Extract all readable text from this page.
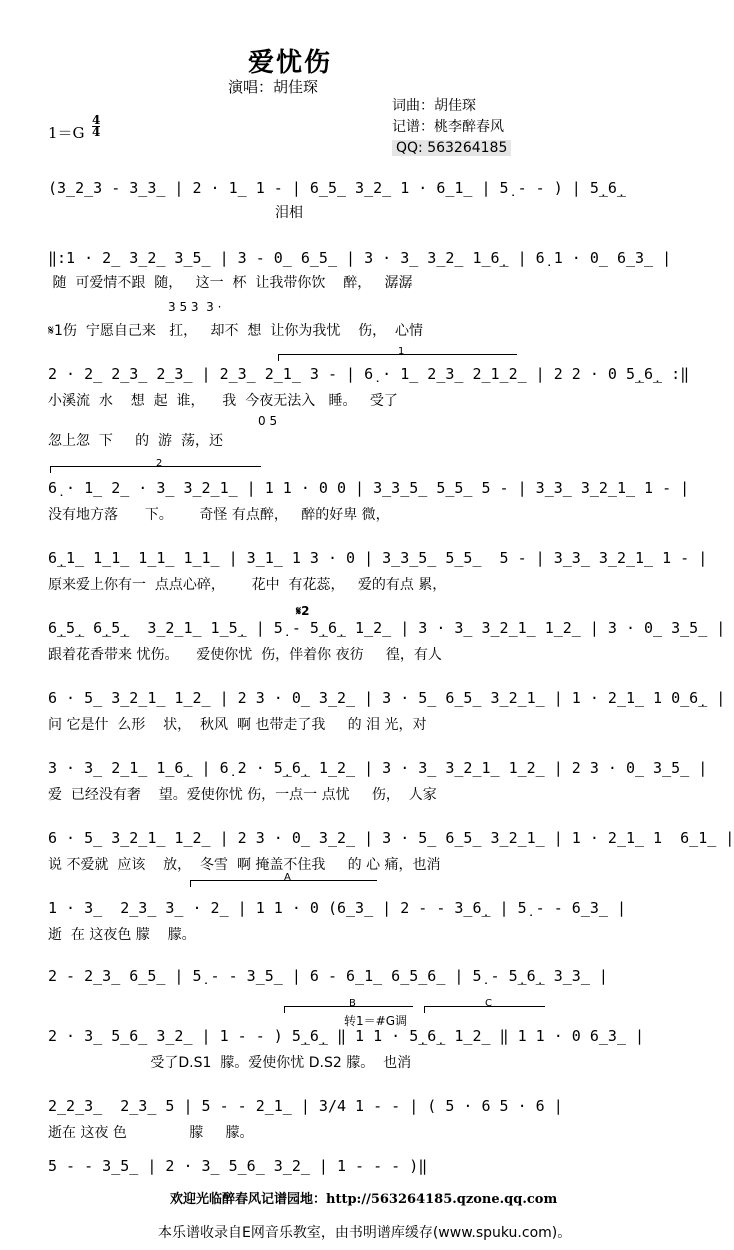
爱忧伤
演唱：胡佳琛
词曲：胡佳琛
记谱：桃李醉春风
QQ: 563264185
1＝G
4
4
(3̲2̲3 - 3̲3̲ | 2 · 1̲ 1 - | 6̲5̲ 3̲2̲ 1 · 6̲1̲ | 5̣ - - ) | 5̣̲6̣̲
泪相
‖:1 · 2̲ 3̲2̲ 3̲5̲ | 3 - 0̲ 6̲5̲ | 3 · 3̲ 3̲2̲ 1̲6̣̲ | 6̣ 1 · 0̲ 6̲3̲ |
随  可爱情不跟  随，   这一  杯  让我带你饮    醉，   潺潺
3 5 3  3 ·
𝄋1伤  宁愿自己来   扛，   却不  想  让你为我忧    伤，  心情
1
2 · 2̲ 2̲3̲ 2̲3̲ | 2̲3̲ 2̲1̲ 3 - | 6̣ · 1̲ 2̲3̲ 2̲1̲2̲ | 2 2 · 0 5̣̲6̣̲ :‖
小溪流  水    想  起  谁，    我  今夜无法入   睡。   受了
0 5
忽上忽  下     的  游  荡，还
2
6̣ · 1̲ 2̲ · 3̲ 3̲2̲1̲ | 1 1 · 0 0 | 3̲3̲5̲ 5̲5̲ 5 - | 3̲3̲ 3̲2̲1̲ 1 - |
没有地方落      下。      奇怪 有点醉，   醉的好卑 微，
6̣̲1̲ 1̲1̲ 1̲1̲ 1̲1̲ | 3̲1̲ 1 3 · 0 | 3̲3̲5̲ 5̲5̲  5 - | 3̲3̲ 3̲2̲1̲ 1 - |
原来爱上你有一  点点心碎，      花中  有花蕊，   爱的有点 累，
𝄋2
6̣̲5̣̲ 6̣̲5̣̲  3̲2̲1̲ 1̲5̣̲ | 5̣ - 5̣̲6̣̲ 1̲2̲ | 3 · 3̲ 3̲2̲1̲ 1̲2̲ | 3 · 0̲ 3̲5̲ |
跟着花香带来 忧伤。    爱使你忧  伤，伴着你 夜彷     徨，有人
6 · 5̲ 3̲2̲1̲ 1̲2̲ | 2 3 · 0̲ 3̲2̲ | 3 · 5̲ 6̲5̲ 3̲2̲1̲ | 1 · 2̲1̲ 1 0̲6̣̲ |
问 它是什  么形    状，  秋风  啊 也带走了我     的 泪 光，对
3 · 3̲ 2̲1̲ 1̲6̣̲ | 6̣ 2 · 5̣̲6̣̲ 1̲2̲ | 3 · 3̲ 3̲2̲1̲ 1̲2̲ | 2 3 · 0̲ 3̲5̲ |
爱  已经没有奢    望。爱使你忧 伤，一点一 点忧     伤，  人家
6 · 5̲ 3̲2̲1̲ 1̲2̲ | 2 3 · 0̲ 3̲2̲ | 3 · 5̲ 6̲5̲ 3̲2̲1̲ | 1 · 2̲1̲ 1  6̲1̲ |
说 不爱就  应该    放，  冬雪  啊 掩盖不住我     的 心 痛，也消
A
1 · 3̲  2̲3̲ 3̲ · 2̲ | 1 1 · 0 (6̲3̲ | 2 - - 3̲6̣̲ | 5̣ - - 6̲3̲ |
逝  在 这夜色 朦    朦。
2 - 2̲3̲ 6̲5̲ | 5̣ - - 3̲5̲ | 6 - 6̲1̲ 6̲5̲6̲ | 5̣ - 5̣̲6̣̲ 3̲3̲ |
B	C
转1＝#G调
2 · 3̲ 5̲6̲ 3̲2̲ | 1 - - ) 5̣̲6̣̲ ‖ 1 1 · 5̣̲6̣̲ 1̲2̲ ‖ 1 1 · 0 6̲3̲ |
受了D.S1  朦。爱使你忧 D.S2 朦。  也消
2̲2̲3̲  2̲3̲ 5 | 5 - - 2̲1̲ | 3/4 1 - - | ( 5 · 6 5 · 6 |
逝在 这夜 色              朦     朦。
5 - - 3̲5̲ | 2 · 3̲ 5̲6̲ 3̲2̲ | 1 - - - )‖
欢迎光临醉春风记谱园地：http://563264185.qzone.qq.com
本乐谱收录自E网音乐教室，由书明谱库缓存(www.spuku.com)。
